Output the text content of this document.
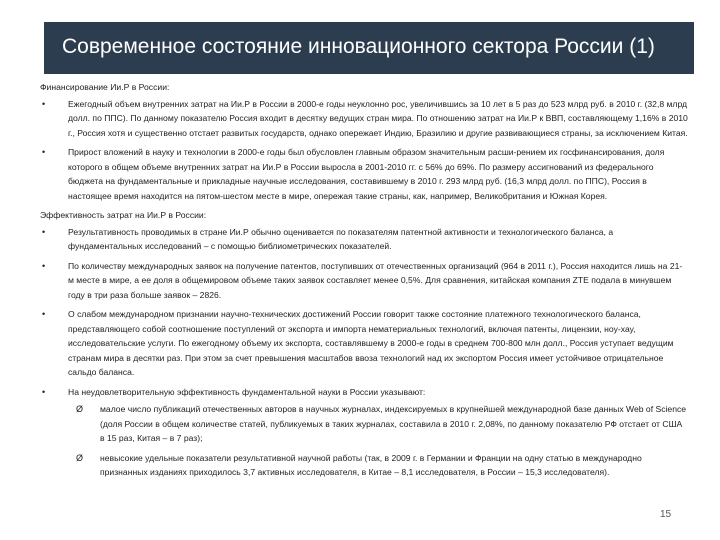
Современное состояние инновационного сектора России (1)
Финансирование Ии.Р в России:
• Ежегодный объем внутренних затрат на Ии.Р в России в 2000-е годы неуклонно рос, увеличившись за 10 лет в 5 раз до 523 млрд руб. в 2010 г. (32,8 млрд долл. по ППС). По данному показателю Россия входит в десятку ведущих стран мира. По отношению затрат на Ии.Р к ВВП, составляющему 1,16% в 2010 г., Россия хотя и существенно отстает развитых государств, однако опережает Индию, Бразилию и другие развивающиеся страны, за исключением Китая.
• Прирост вложений в науку и технологии в 2000-е годы был обусловлен главным образом значительным расши-рением их госфинансирования, доля которого в общем объеме внутренних затрат на Ии.Р в России выросла в 2001-2010 гг. с 56% до 69%. По размеру ассигнований из федерального бюджета на фундаментальные и прикладные научные исследования, составившему в 2010 г. 293 млрд руб. (16,3 млрд долл. по ППС), Россия в настоящее время находится на пятом-шестом месте в мире, опережая такие страны, как, например, Великобритания и Южная Корея.
Эффективность затрат на Ии.Р в России:
• Результативность проводимых в стране Ии.Р обычно оценивается по показателям патентной активности и технологического баланса, а фундаментальных исследований – с помощью библиометрических показателей.
• По количеству международных заявок на получение патентов, поступивших от отечественных организаций (964 в 2011 г.), Россия находится лишь на 21-м месте в мире, а ее доля в общемировом объеме таких заявок составляет менее 0,5%. Для сравнения, китайская компания ZTE подала в минувшем году в три раза больше заявок – 2826.
• О слабом международном признании научно-технических достижений России говорит также состояние платежного технологического баланса, представляющего собой соотношение поступлений от экспорта и импорта нематериальных технологий, включая патенты, лицензии, ноу-хау, исследовательские услуги. По ежегодному объему их экспорта, составлявшему в 2000-е годы в среднем 700-800 млн долл., Россия уступает ведущим странам мира в десятки раз. При этом за счет превышения масштабов ввоза технологий над их экспортом Россия имеет устойчивое отрицательное сальдо баланса.
• На неудовлетворительную эффективность фундаментальной науки в России указывают:
Ø малое число публикаций отечественных авторов в научных журналах, индексируемых в крупнейшей международной базе данных Web of Science (доля России в общем количестве статей, публикуемых в таких журналах, составила в 2010 г. 2,08%, по данному показателю РФ отстает от США в 15 раз, Китая – в 7 раз);
Ø невысокие удельные показатели результативной научной работы (так, в 2009 г. в Германии и Франции на одну статью в международно признанных изданиях приходилось 3,7 активных исследователя, в Китае – 8,1 исследователя, в России – 15,3 исследователя).
15
